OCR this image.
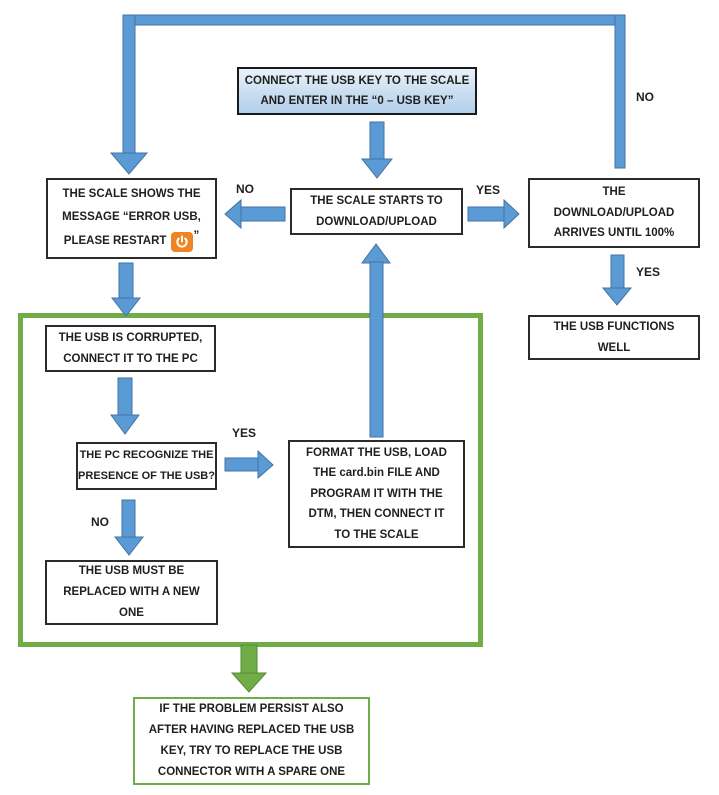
CONNECT THE USB KEY TO THE SCALE
AND ENTER IN THE “0 – USB KEY”
THE SCALE SHOWS THE
MESSAGE “ERROR USB,
PLEASE RESTART ”
THE SCALE STARTS TO
DOWNLOAD/UPLOAD
THE
DOWNLOAD/UPLOAD
ARRIVES UNTIL 100%
THE USB FUNCTIONS
WELL
THE USB IS CORRUPTED,
CONNECT IT TO THE PC
THE PC RECOGNIZE THE
PRESENCE OF THE USB?
FORMAT THE USB, LOAD
THE card.bin FILE AND
PROGRAM IT WITH THE
DTM, THEN CONNECT IT
TO THE SCALE
THE USB MUST BE
REPLACED WITH A NEW
ONE
IF THE PROBLEM PERSIST ALSO
AFTER HAVING REPLACED THE USB
KEY, TRY TO REPLACE THE USB
CONNECTOR WITH A SPARE ONE
NO
NO	YES
YES
YES
NO
